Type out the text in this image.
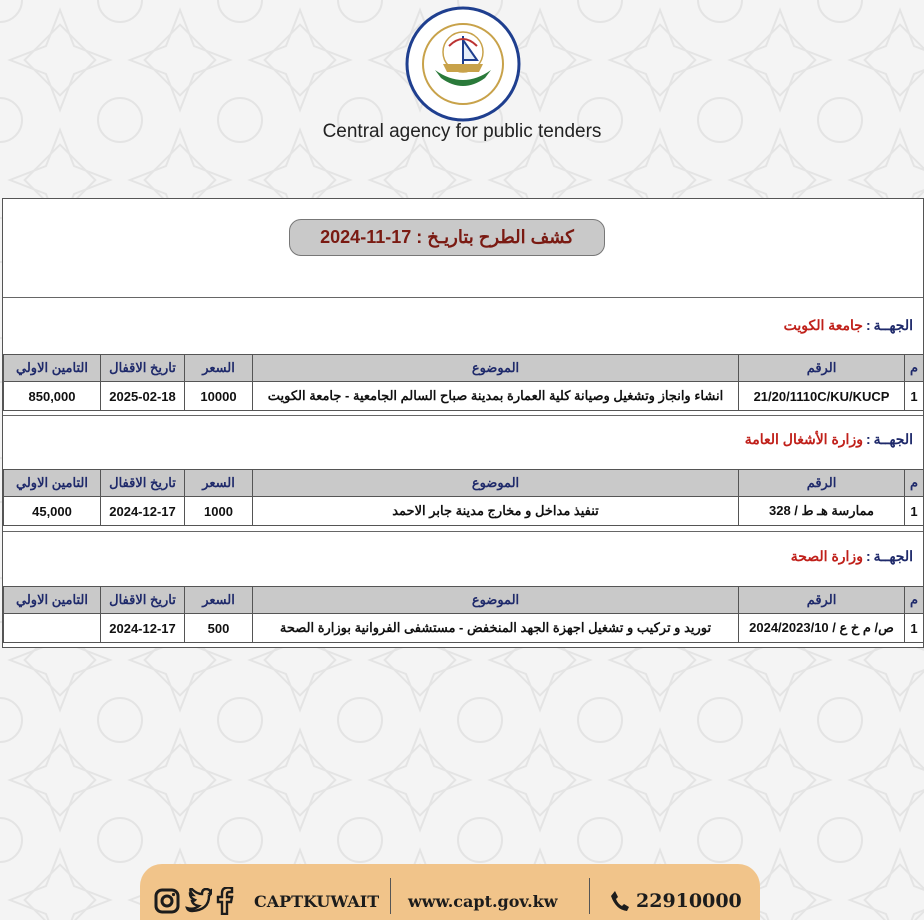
Central agency for public tenders
كشف الطرح بتاريـخ : 17-11-2024
الجهــة:جامعة الكويت
م	الرقم	الموضوع	السعر	تاريخ الاقفال	التامين الاولي
1	21/20/1110C/KU/KUCP	انشاء وانجاز وتشغيل وصيانة كلية العمارة بمدينة صباح السالم الجامعية - جامعة الكويت	10000	2025-02-18	850,000
الجهــة:وزارة الأشغال العامة
م	الرقم	الموضوع	السعر	تاريخ الاقفال	التامين الاولي
1	ممارسة هـ ط / 328	تنفيذ مداخل و مخارج مدينة جابر الاحمد	1000	2024-12-17	45,000
الجهــة:وزارة الصحة
م	الرقم	الموضوع	السعر	تاريخ الاقفال	التامين الاولي
1	ص/ م خ ع / 2024/2023/10	توريد و تركيب و تشغيل اجهزة الجهد المنخفض - مستشفى الفروانية بوزارة الصحة	500	2024-12-17	
CAPTKUWAIT www.capt.gov.kw	22910000
